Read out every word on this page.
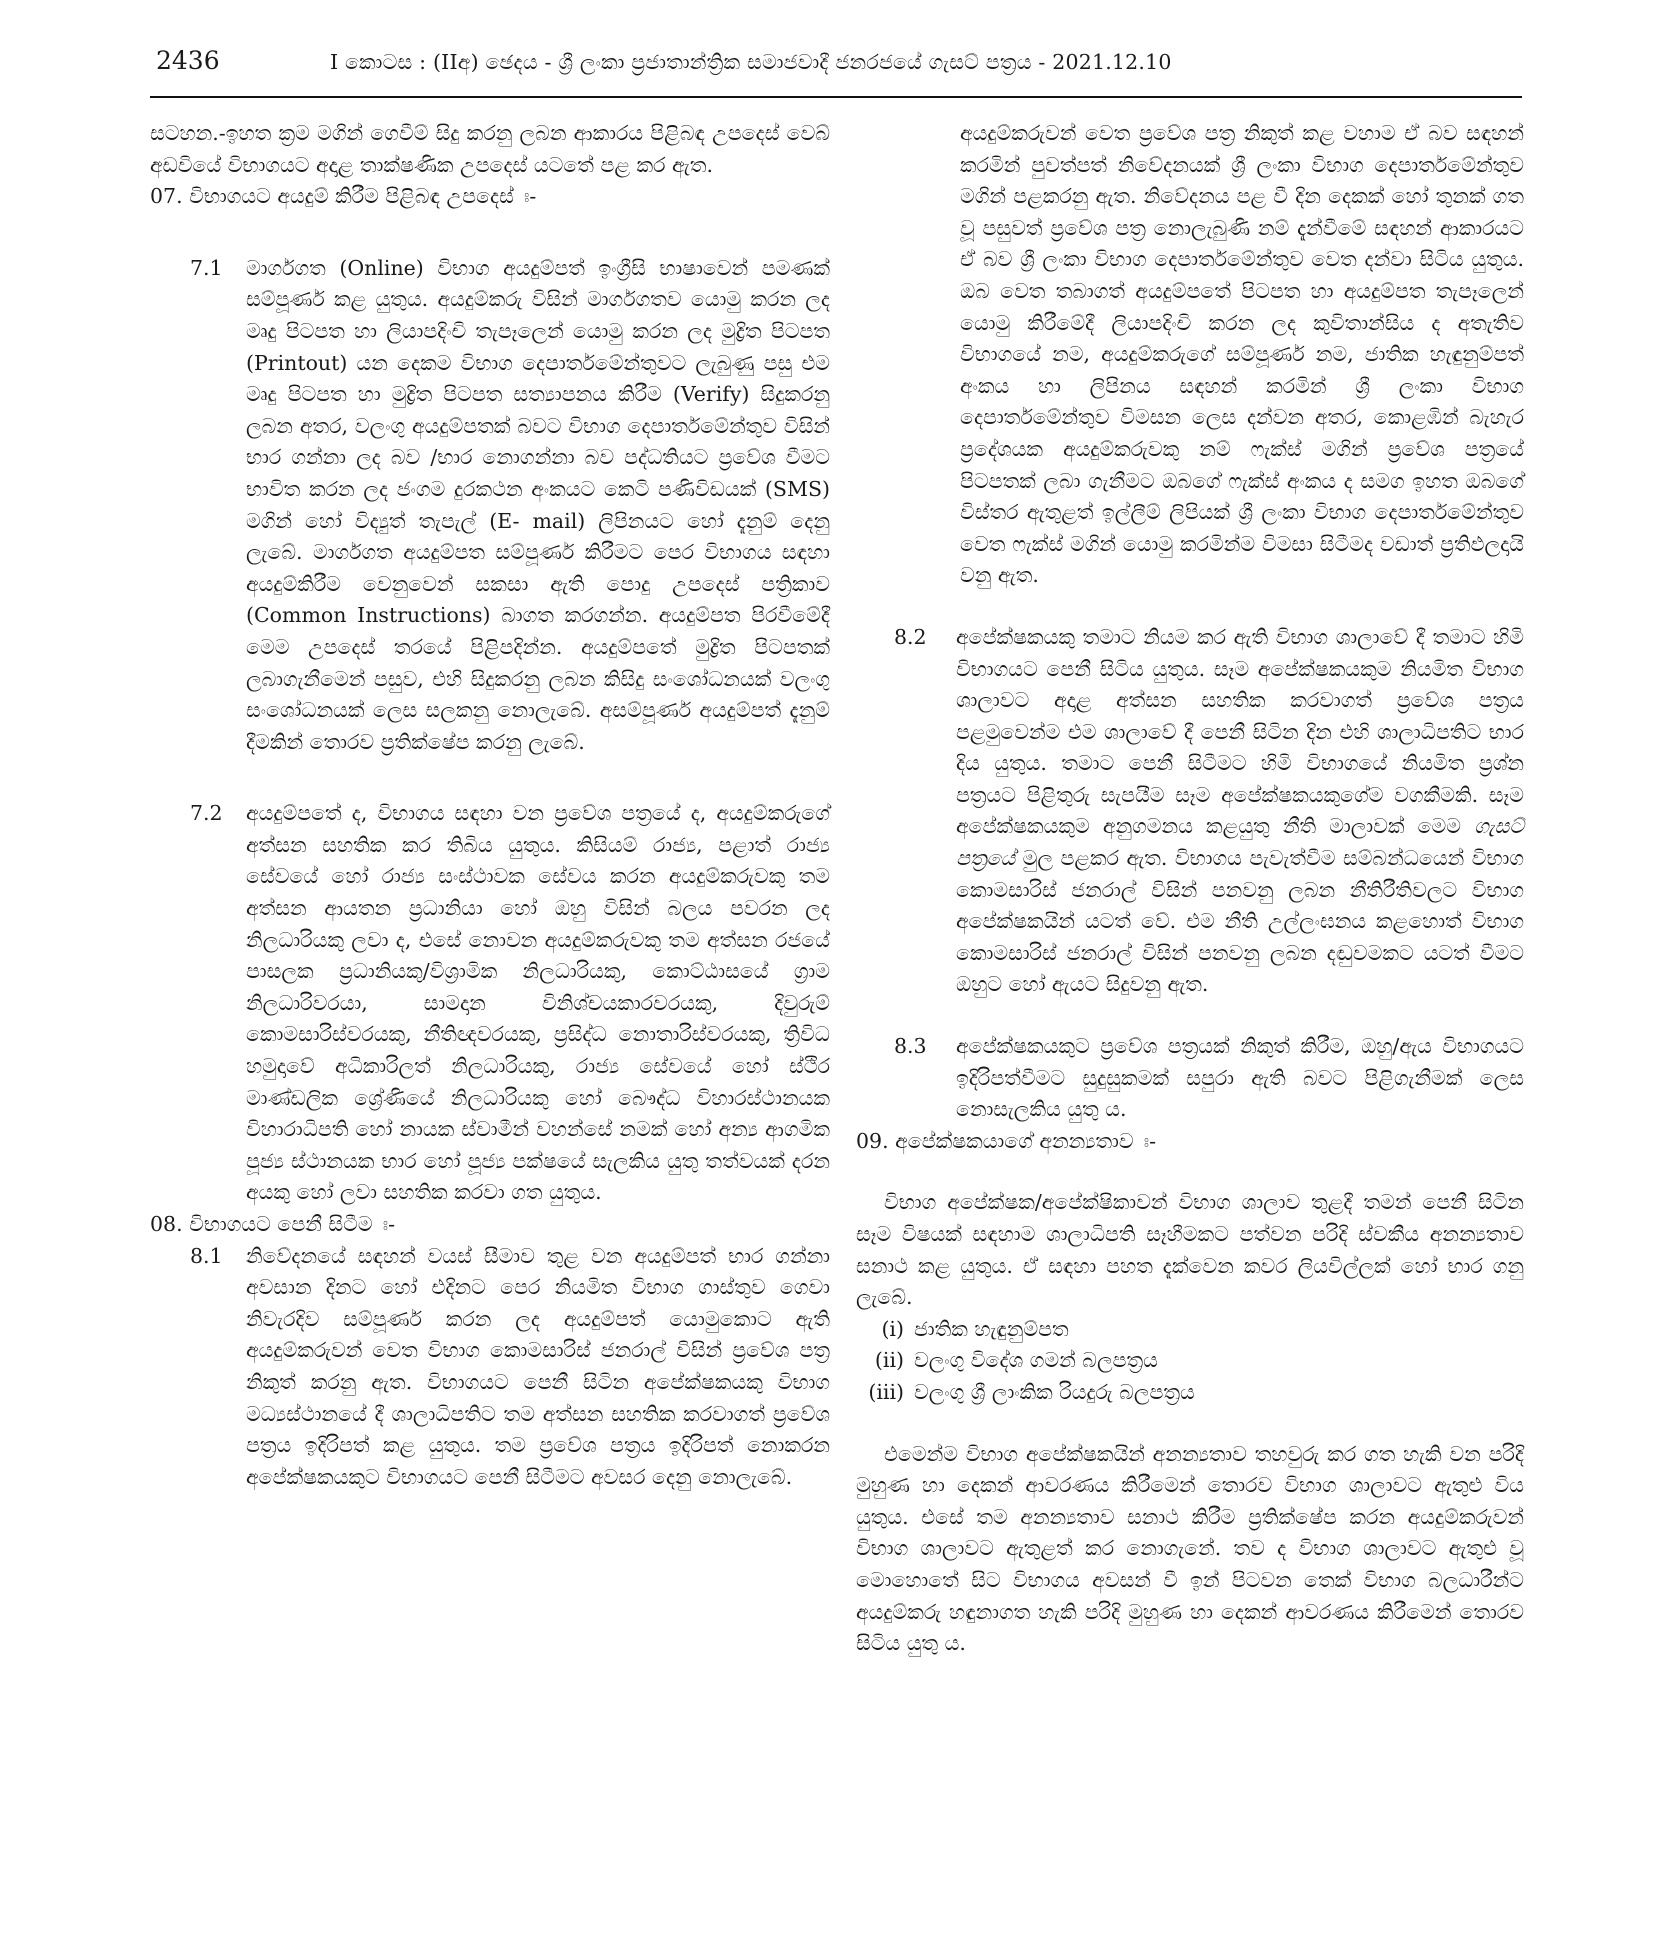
2436	I කොටස : (IIඅ) ඡෙදය - ශ්‍රී ලංකා ප්‍රජාතාන්ත්‍රික සමාජවාදී ජනරජයේ ගැසට් පත්‍රය - 2021.12.10

සටහන.-ඉහත ක්‍රම මගින් ගෙවීම් සිදු කරනු ලබන ආකාරය පිළිබඳ උපදෙස් වෙබ් අඩවියේ විභාගයට අදාළ තාක්ෂණික උපදෙස් යටතේ පළ කර ඇත.

07. විභාගයට අයදුම් කිරීම පිළිබඳ උපදෙස් ඃ-

7.1 මාර්ගගත (Online) විභාග අයදුම්පත් ඉංග්‍රීසි භාෂාවෙන් පමණක් සම්පූර්ණ කළ යුතුය. අයදුම්කරු විසින් මාර්ගගතව යොමු කරන ලද මෘදු පිටපත හා ලියාපදිංචි තැපෑලෙන් යොමු කරන ලද මුද්‍රිත පිටපත (Printout) යන දෙකම විභාග දෙපාර්තමේන්තුවට ලැබුණු පසු එම මෘදු පිටපත හා මුද්‍රිත පිටපත සත්‍යාපනය කිරීම (Verify) සිදුකරනු ලබන අතර, වලංගු අයදුම්පතක් බවට විභාග දෙපාර්තමේන්තුව විසින් භාර ගන්නා ලද බව /භාර නොගන්නා බව පද්ධතියට ප්‍රවේශ වීමට භාවිත කරන ලද ජංගම දුරකථන අංකයට කෙටි පණිවිඩයක් (SMS) මගින් හෝ විද්‍යුත් තැපැල් (E- mail) ලිපිනයට හෝ දැනුම් දෙනු ලැබේ. මාර්ගගත අයදුම්පත සම්පූර්ණ කිරීමට පෙර විභාගය සඳහා අයදුම්කිරීම වෙනුවෙන් සකසා ඇති පොදු උපදෙස් පත්‍රිකාව (Common Instructions) බාගත කරගන්න. අයදුම්පත පිරවීමේදී මෙම උපදෙස් තරයේ පිළිපදින්න. අයදුම්පතේ මුද්‍රිත පිටපතක් ලබාගැනීමෙන් පසුව, එහි සිදුකරනු ලබන කිසිදු සංශෝධනයක් වලංගු සංශෝධනයක් ලෙස සලකනු නොලැබේ. අසම්පූර්ණ අයදුම්පත් දැනුම් දීමකින් තොරව ප්‍රතික්ෂේප කරනු ලැබේ.
7.2 අයදුම්පතේ ද, විභාගය සඳහා වන ප්‍රවේශ පත්‍රයේ ද, අයදුම්කරුගේ අත්සන සහතික කර තිබිය යුතුය. කිසියම් රාජ්‍ය, පළාත් රාජ්‍ය සේවයේ හෝ රාජ්‍ය සංස්ථාවක සේවය කරන අයදුම්කරුවකු තම අත්සන ආයතන ප්‍රධානියා හෝ ඔහු විසින් බලය පවරන ලද නිලධාරියකු ලවා ද, එසේ නොවන අයදුම්කරුවකු තම අත්සන රජයේ පාසලක ප්‍රධානියකු/විශ්‍රාමික නිලධාරියකු, කොට්ඨාසයේ ග්‍රාම නිලධාරිවරයා, සාමදාන විනිශ්චයකාරවරයකු, දිවුරුම් කොමසාරිස්වරයකු, නීතිඥවරයකු, ප්‍රසිද්ධ නොතාරිස්වරයකු, ත්‍රිවිධ හමුදාවේ අධිකාරිලත් නිලධාරියකු, රාජ්‍ය සේවයේ හෝ ස්ථිර මාණ්ඩලික ශ්‍රේණියේ නිලධාරියකු හෝ බෞද්ධ විහාරස්ථානයක විහාරාධිපති හෝ නායක ස්වාමීන් වහන්සේ නමක් හෝ අන්‍ය ආගමික පූජ්‍ය ස්ථානයක භාර හෝ පූජ්‍ය පක්ෂයේ සැලකිය යුතු තත්වයක් දරන අයකු හෝ ලවා සහතික කරවා ගත යුතුය.

08. විභාගයට පෙනී සිටීම ඃ-

8.1 නිවේදනයේ සඳහන් වයස් සීමාව තුළ වන අයදුම්පත් භාර ගන්නා අවසාන දිනට හෝ එදිනට පෙර නියමිත විභාග ගාස්තුව ගෙවා නිවැරදිව සම්පූර්ණ කරන ලද අයදුම්පත් යොමුකොට ඇති අයදුම්කරුවන් වෙත විභාග කොමසාරිස් ජනරාල් විසින් ප්‍රවේශ පත්‍ර නිකුත් කරනු ඇත. විභාගයට පෙනී සිටින අපේක්ෂකයකු විභාග මධ්‍යස්ථානයේ දී ශාලාධිපතිට තම අත්සන සහතික කරවාගත් ප්‍රවේශ පත්‍රය ඉදිරිපත් කළ යුතුය. තම ප්‍රවේශ පත්‍රය ඉදිරිපත් නොකරන අපේක්ෂකයකුට විභාගයට පෙනී සිටීමට අවසර දෙනු නොලැබේ.
අයදුම්කරුවන් වෙත ප්‍රවේශ පත්‍ර නිකුත් කළ වහාම ඒ බව සඳහන් කරමින් පුවත්පත් නිවේදනයක් ශ්‍රී ලංකා විභාග දෙපාර්තමේන්තුව මගින් පළකරනු ඇත. නිවේදනය පළ වී දින දෙකක් හෝ තුනක් ගත වූ පසුවත් ප්‍රවේශ පත්‍ර නොලැබුණි නම් දැන්වීමේ සඳහන් ආකාරයට ඒ බව ශ්‍රී ලංකා විභාග දෙපාර්තමේන්තුව වෙත දන්වා සිටිය යුතුය. ඔබ වෙත තබාගත් අයදුම්පතේ පිටපත හා අයදුම්පත තැපෑලෙන් යොමු කිරීමේදී ලියාපදිංචි කරන ලද කුවිතාන්සිය ද අතැතිව විභාගයේ නම, අයදුම්කරුගේ සම්පූර්ණ නම, ජාතික හැඳුනුම්පත් අංකය හා ලිපිනය සඳහන් කරමින් ශ්‍රී ලංකා විභාග දෙපාර්තමේන්තුව විමසන ලෙස දන්වන අතර, කොළඹින් බැහැර ප්‍රදේශයක අයදුම්කරුවකු නම් ෆැක්ස් මගින් ප්‍රවේශ පත්‍රයේ පිටපතක් ලබා ගැනීමට ඔබගේ ෆැක්ස් අංකය ද සමග ඉහත ඔබගේ විස්තර ඇතුළත් ඉල්ලීම් ලිපියක් ශ්‍රී ලංකා විභාග දෙපාර්තමේන්තුව වෙත ෆැක්ස් මගින් යොමු කරමින්ම විමසා සිටීමද වඩාත් ප්‍රතිඵලදායි වනු ඇත.
8.2 අපේක්ෂකයකු තමාට නියම කර ඇති විභාග ශාලාවේ දී තමාට හිමි විභාගයට පෙනී සිටිය යුතුය. සෑම අපේක්ෂකයකුම නියමිත විභාග ශාලාවට අදාළ අත්සන සහතික කරවාගත් ප්‍රවේශ පත්‍රය පළමුවෙන්ම එම ශාලාවේ දී පෙනී සිටින දින එහි ශාලාධිපතිට භාර දිය යුතුය. තමාට පෙනී සිටීමට හිමි විභාගයේ නියමිත ප්‍රශ්න පත්‍රයට පිළිතුරු සැපයීම සෑම අපේක්ෂකයකුගේම වගකීමකි. සෑම අපේක්ෂකයකුම අනුගමනය කළයුතු නීති මාලාවක් මෙම ගැසට් පත්‍රයේ මුල පළකර ඇත. විභාගය පැවැත්වීම සම්බන්ධයෙන් විභාග කොමසාරිස් ජනරාල් විසින් පනවනු ලබන නීතිරීතිවලට විභාග අපේක්ෂකයින් යටත් වේ. එම නීති උල්ලංඝනය කළහොත් විභාග කොමසාරිස් ජනරාල් විසින් පනවනු ලබන දඬුවමකට යටත් වීමට ඔහුට හෝ ඇයට සිදුවනු ඇත.
8.3 අපේක්ෂකයකුට ප්‍රවේශ පත්‍රයක් නිකුත් කිරීම, ඔහු/ඇය විභාගයට ඉදිරිපත්වීමට සුදුසුකමක් සපුරා ඇති බවට පිළිගැනීමක් ලෙස නොසැලකිය යුතු ය.

09. අපේක්ෂකයාගේ අනන්‍යතාව ඃ-

විභාග අපේක්ෂක/අපේක්ෂිකාවන් විභාග ශාලාව තුළදී තමන් පෙනී සිටින සෑම විෂයක් සඳහාම ශාලාධිපති සෑහීමකට පත්වන පරිදි ස්වකීය අනන්‍යතාව සනාථ කළ යුතුය. ඒ සඳහා පහත දැක්වෙන කවර ලියවිල්ලක් හෝ භාර ගනු ලැබේ.

(i) ජාතික හැඳුනුම්පත
(ii) වලංගු විදේශ ගමන් බලපත්‍රය
(iii) වලංගු ශ්‍රී ලාංකික රියදුරු බලපත්‍රය

එමෙන්ම විභාග අපේක්ෂකයින් අනන්‍යතාව තහවුරු කර ගත හැකි වන පරිදි මුහුණ හා දෙකන් ආවරණය කිරීමෙන් තොරව විභාග ශාලාවට ඇතුළු විය යුතුය. එසේ තම අනන්‍යතාව සනාථ කිරීම ප්‍රතික්ෂේප කරන අයදුම්කරුවන් විභාග ශාලාවට ඇතුළත් කර නොගැනේ. තව ද විභාග ශාලාවට ඇතුළු වූ මොහොතේ සිට විභාගය අවසන් වී ඉන් පිටවන තෙක් විභාග බලධාරීන්ට අයදුම්කරු හඳුනාගත හැකි පරිදි මුහුණ හා දෙකන් ආවරණය කිරීමෙන් තොරව සිටිය යුතු ය.
